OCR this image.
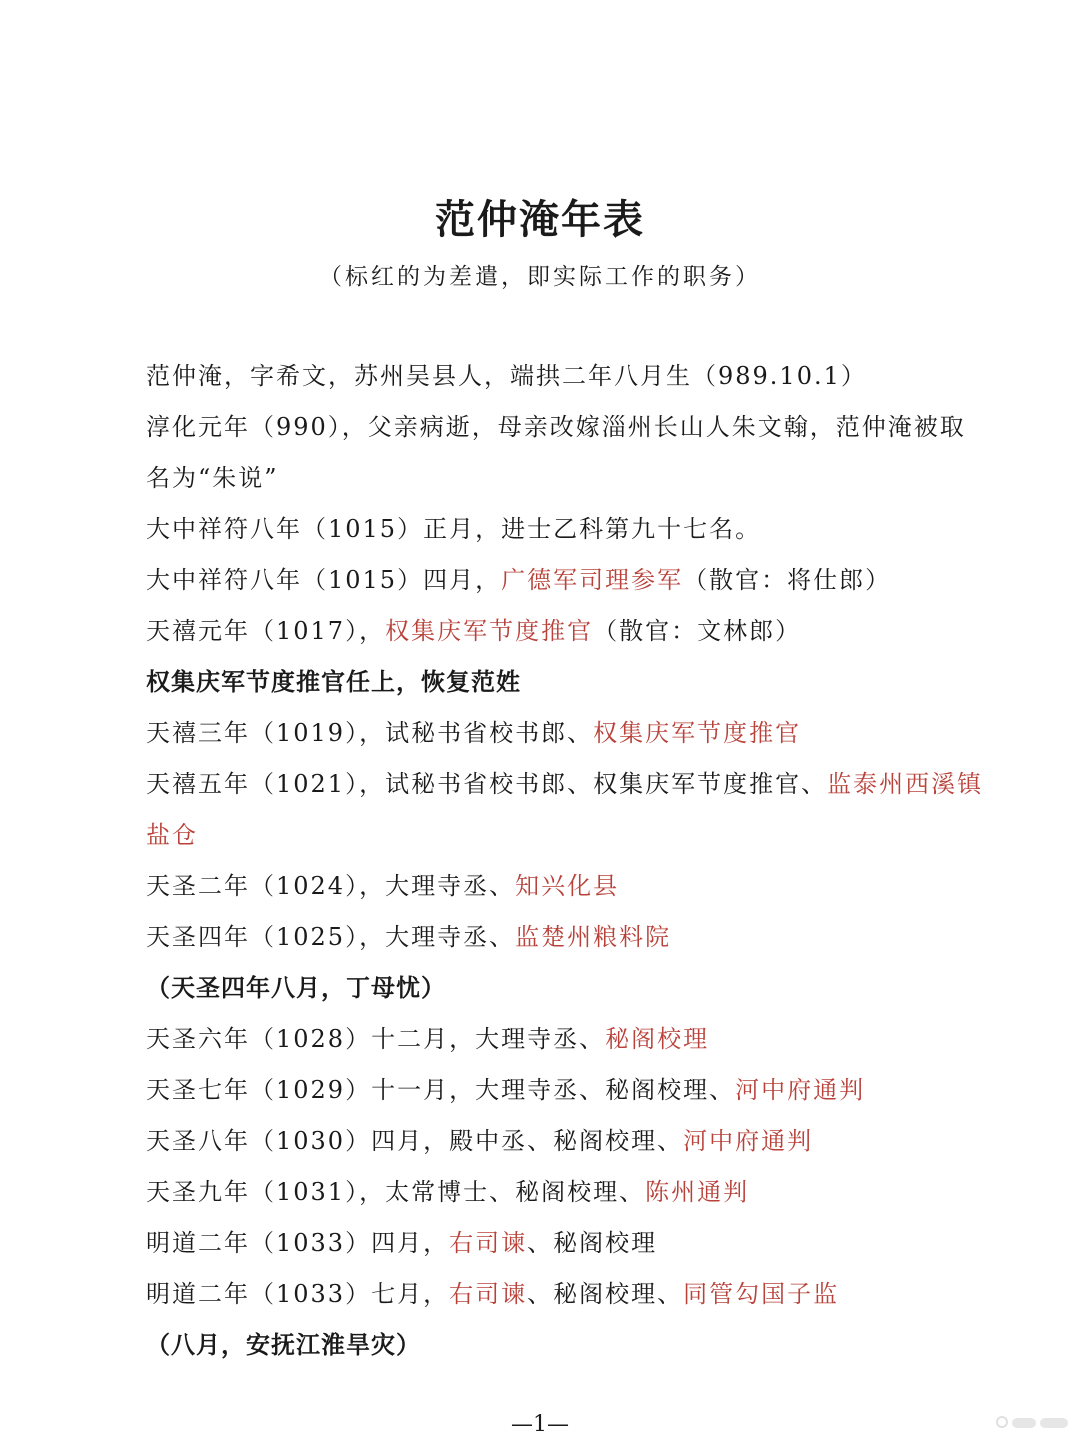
范仲淹年表
（标红的为差遣，即实际工作的职务）
范仲淹，字希文，苏州吴县人，端拱二年八月生（989.10.1）
淳化元年（990），父亲病逝，母亲改嫁淄州长山人朱文翰，范仲淹被取
名为“朱说”
大中祥符八年（1015）正月，进士乙科第九十七名。
大中祥符八年（1015）四月，广德军司理参军（散官：将仕郎）
天禧元年（1017），权集庆军节度推官（散官：文林郎）
权集庆军节度推官任上，恢复范姓
天禧三年（1019），试秘书省校书郎、权集庆军节度推官
天禧五年（1021），试秘书省校书郎、权集庆军节度推官、监泰州西溪镇
盐仓
天圣二年（1024），大理寺丞、知兴化县
天圣四年（1025），大理寺丞、监楚州粮料院
（天圣四年八月，丁母忧）
天圣六年（1028）十二月，大理寺丞、秘阁校理
天圣七年（1029）十一月，大理寺丞、秘阁校理、河中府通判
天圣八年（1030）四月，殿中丞、秘阁校理、河中府通判
天圣九年（1031），太常博士、秘阁校理、陈州通判
明道二年（1033）四月，右司谏、秘阁校理
明道二年（1033）七月，右司谏、秘阁校理、同管勾国子监
（八月，安抚江淮旱灾）
—1—
